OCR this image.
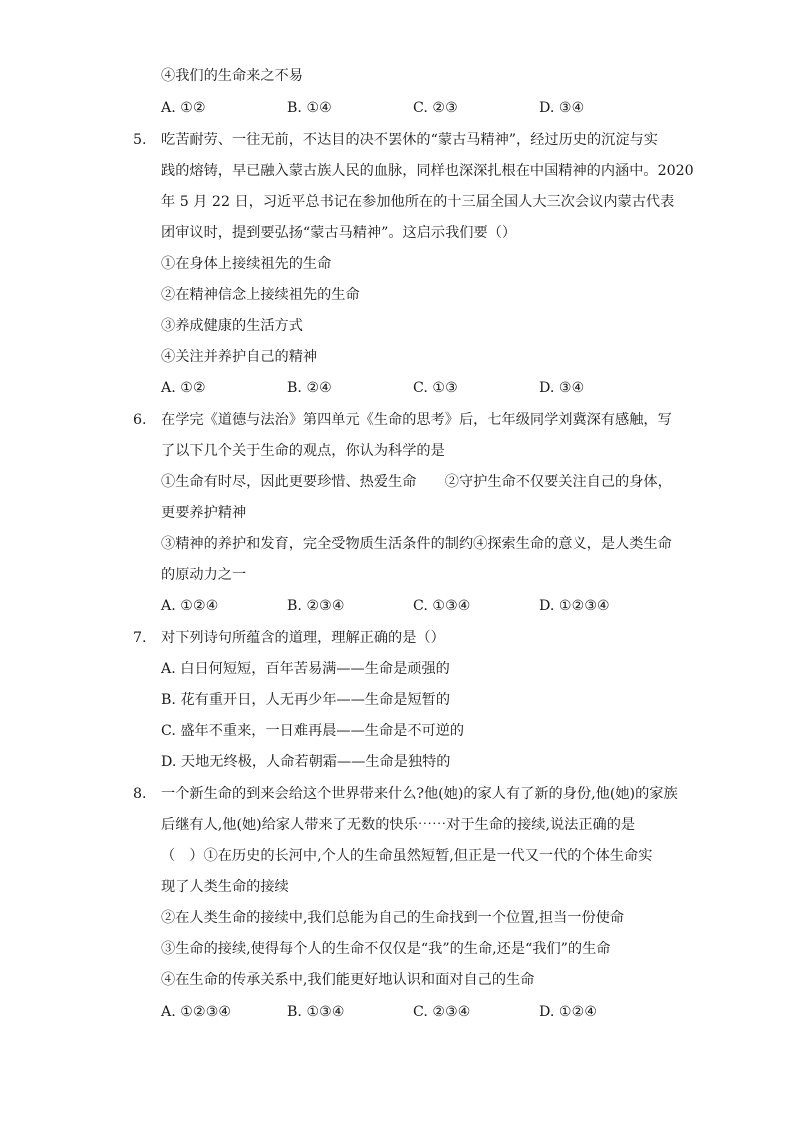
④我们的生命来之不易
A. ①②	B. ①④	C. ②③	D. ③④
5. 吃苦耐劳、一往无前，不达目的决不罢休的“蒙古马精神”，经过历史的沉淀与实
践的熔铸，早已融入蒙古族人民的血脉，同样也深深扎根在中国精神的内涵中。2020
年 5 月 22 日，习近平总书记在参加他所在的十三届全国人大三次会议内蒙古代表
团审议时，提到要弘扬“蒙古马精神”。这启示我们要（）
①在身体上接续祖先的生命
②在精神信念上接续祖先的生命
③养成健康的生活方式
④关注并养护自己的精神
A. ①②	B. ②④	C. ①③	D. ③④
6. 在学完《道德与法治》第四单元《生命的思考》后，七年级同学刘冀深有感触，写
了以下几个关于生命的观点，你认为科学的是
①生命有时尽，因此更要珍惜、热爱生命　　②守护生命不仅要关注自己的身体，
更要养护精神
③精神的养护和发育，完全受物质生活条件的制约④探索生命的意义，是人类生命
的原动力之一
A. ①②④	B. ②③④	C. ①③④	D. ①②③④
7. 对下列诗句所蕴含的道理，理解正确的是（）
A. 白日何短短，百年苦易满——生命是顽强的
B. 花有重开日，人无再少年——生命是短暂的
C. 盛年不重来，一日难再晨——生命是不可逆的
D. 天地无终极，人命若朝霜——生命是独特的
8. 一个新生命的到来会给这个世界带来什么?他(她)的家人有了新的身份,他(她)的家族
后继有人,他(她)给家人带来了无数的快乐⋯⋯对于生命的接续,说法正确的是
（　）①在历史的长河中,个人的生命虽然短暂,但正是一代又一代的个体生命实
现了人类生命的接续
②在人类生命的接续中,我们总能为自己的生命找到一个位置,担当一份使命
③生命的接续,使得每个人的生命不仅仅是“我”的生命,还是“我们”的生命
④在生命的传承关系中,我们能更好地认识和面对自己的生命
A. ①②③④	B. ①③④	C. ②③④	D. ①②④
